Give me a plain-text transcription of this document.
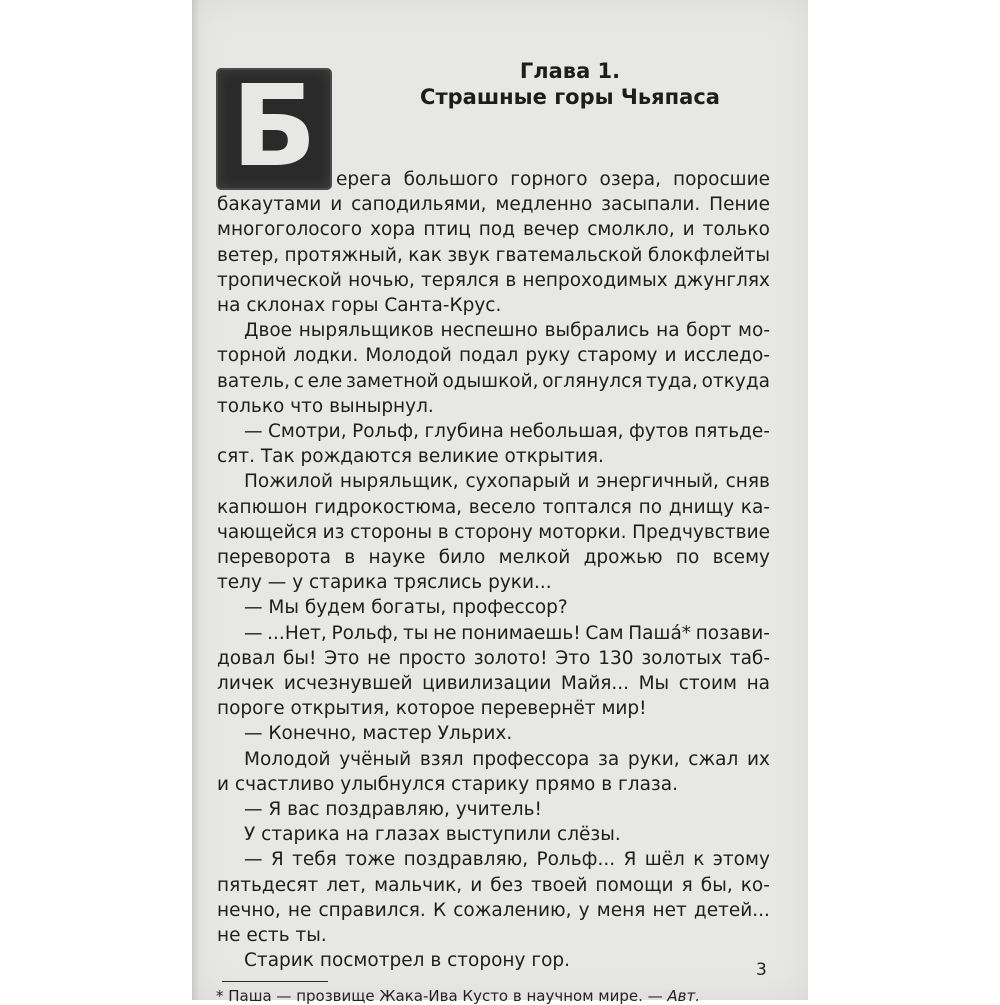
Глава 1.
Страшные горы Чьяпаса
Б ерега большого горного озера, поросшие
бакаутами и саподильями, медленно засыпали. Пение
многоголосого хора птиц под вечер смолкло, и только
ветер, протяжный, как звук гватемальской блокфлейты
тропической ночью, терялся в непроходимых джунглях
на склонах горы Санта-Крус.
Двое ныряльщиков неспешно выбрались на борт мо-
торной лодки. Молодой подал руку старому и исследо-
ватель, с еле заметной одышкой, оглянулся туда, откуда
только что вынырнул.
— Смотри, Рольф, глубина небольшая, футов пятьде-
сят. Так рождаются великие открытия.
Пожилой ныряльщик, сухопарый и энергичный, сняв
капюшон гидрокостюма, весело топтался по днищу ка-
чающейся из стороны в сторону моторки. Предчувствие
переворота в науке било мелкой дрожью по всему
телу — у старика тряслись руки...
— Мы будем богаты, профессор?
— ...Нет, Рольф, ты не понимаешь! Сам Пашá* позави-
довал бы! Это не просто золото! Это 130 золотых таб-
личек исчезнувшей цивилизации Майя... Мы стоим на
пороге открытия, которое перевернёт мир!
— Конечно, мастер Ульрих.
Молодой учёный взял профессора за руки, сжал их
и счастливо улыбнулся старику прямо в глаза.
— Я вас поздравляю, учитель!
У старика на глазах выступили слёзы.
— Я тебя тоже поздравляю, Рольф... Я шёл к этому
пятьдесят лет, мальчик, и без твоей помощи я бы, ко-
нечно, не справился. К сожалению, у меня нет детей...
не есть ты.
Старик посмотрел в сторону гор.
* Паша — прозвище Жака-Ива Кусто в научном мире. — Авт.
3
